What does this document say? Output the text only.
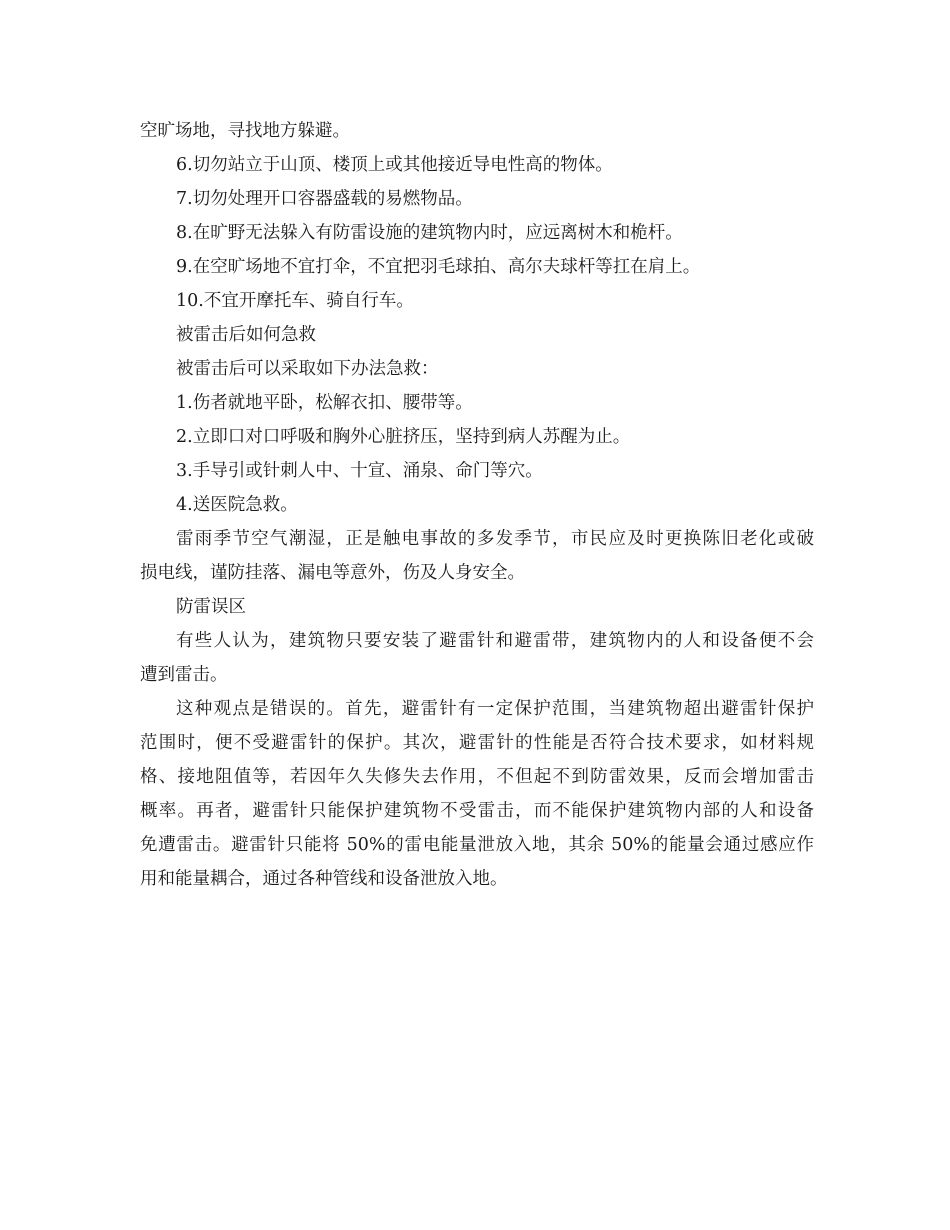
空旷场地，寻找地方躲避。
6.切勿站立于山顶、楼顶上或其他接近导电性高的物体。
7.切勿处理开口容器盛载的易燃物品。
8.在旷野无法躲入有防雷设施的建筑物内时，应远离树木和桅杆。
9.在空旷场地不宜打伞，不宜把羽毛球拍、高尔夫球杆等扛在肩上。
10.不宜开摩托车、骑自行车。
被雷击后如何急救
被雷击后可以采取如下办法急救：
1.伤者就地平卧，松解衣扣、腰带等。
2.立即口对口呼吸和胸外心脏挤压，坚持到病人苏醒为止。
3.手导引或针刺人中、十宣、涌泉、命门等穴。
4.送医院急救。
雷雨季节空气潮湿，正是触电事故的多发季节，市民应及时更换陈旧老化或破
损电线，谨防挂落、漏电等意外，伤及人身安全。
防雷误区
有些人认为，建筑物只要安装了避雷针和避雷带，建筑物内的人和设备便不会
遭到雷击。
这种观点是错误的。首先，避雷针有一定保护范围，当建筑物超出避雷针保护
范围时，便不受避雷针的保护。其次，避雷针的性能是否符合技术要求，如材料规
格、接地阻值等，若因年久失修失去作用，不但起不到防雷效果，反而会增加雷击
概率。再者，避雷针只能保护建筑物不受雷击，而不能保护建筑物内部的人和设备
免遭雷击。避雷针只能将 50%的雷电能量泄放入地，其余 50%的能量会通过感应作
用和能量耦合，通过各种管线和设备泄放入地。
